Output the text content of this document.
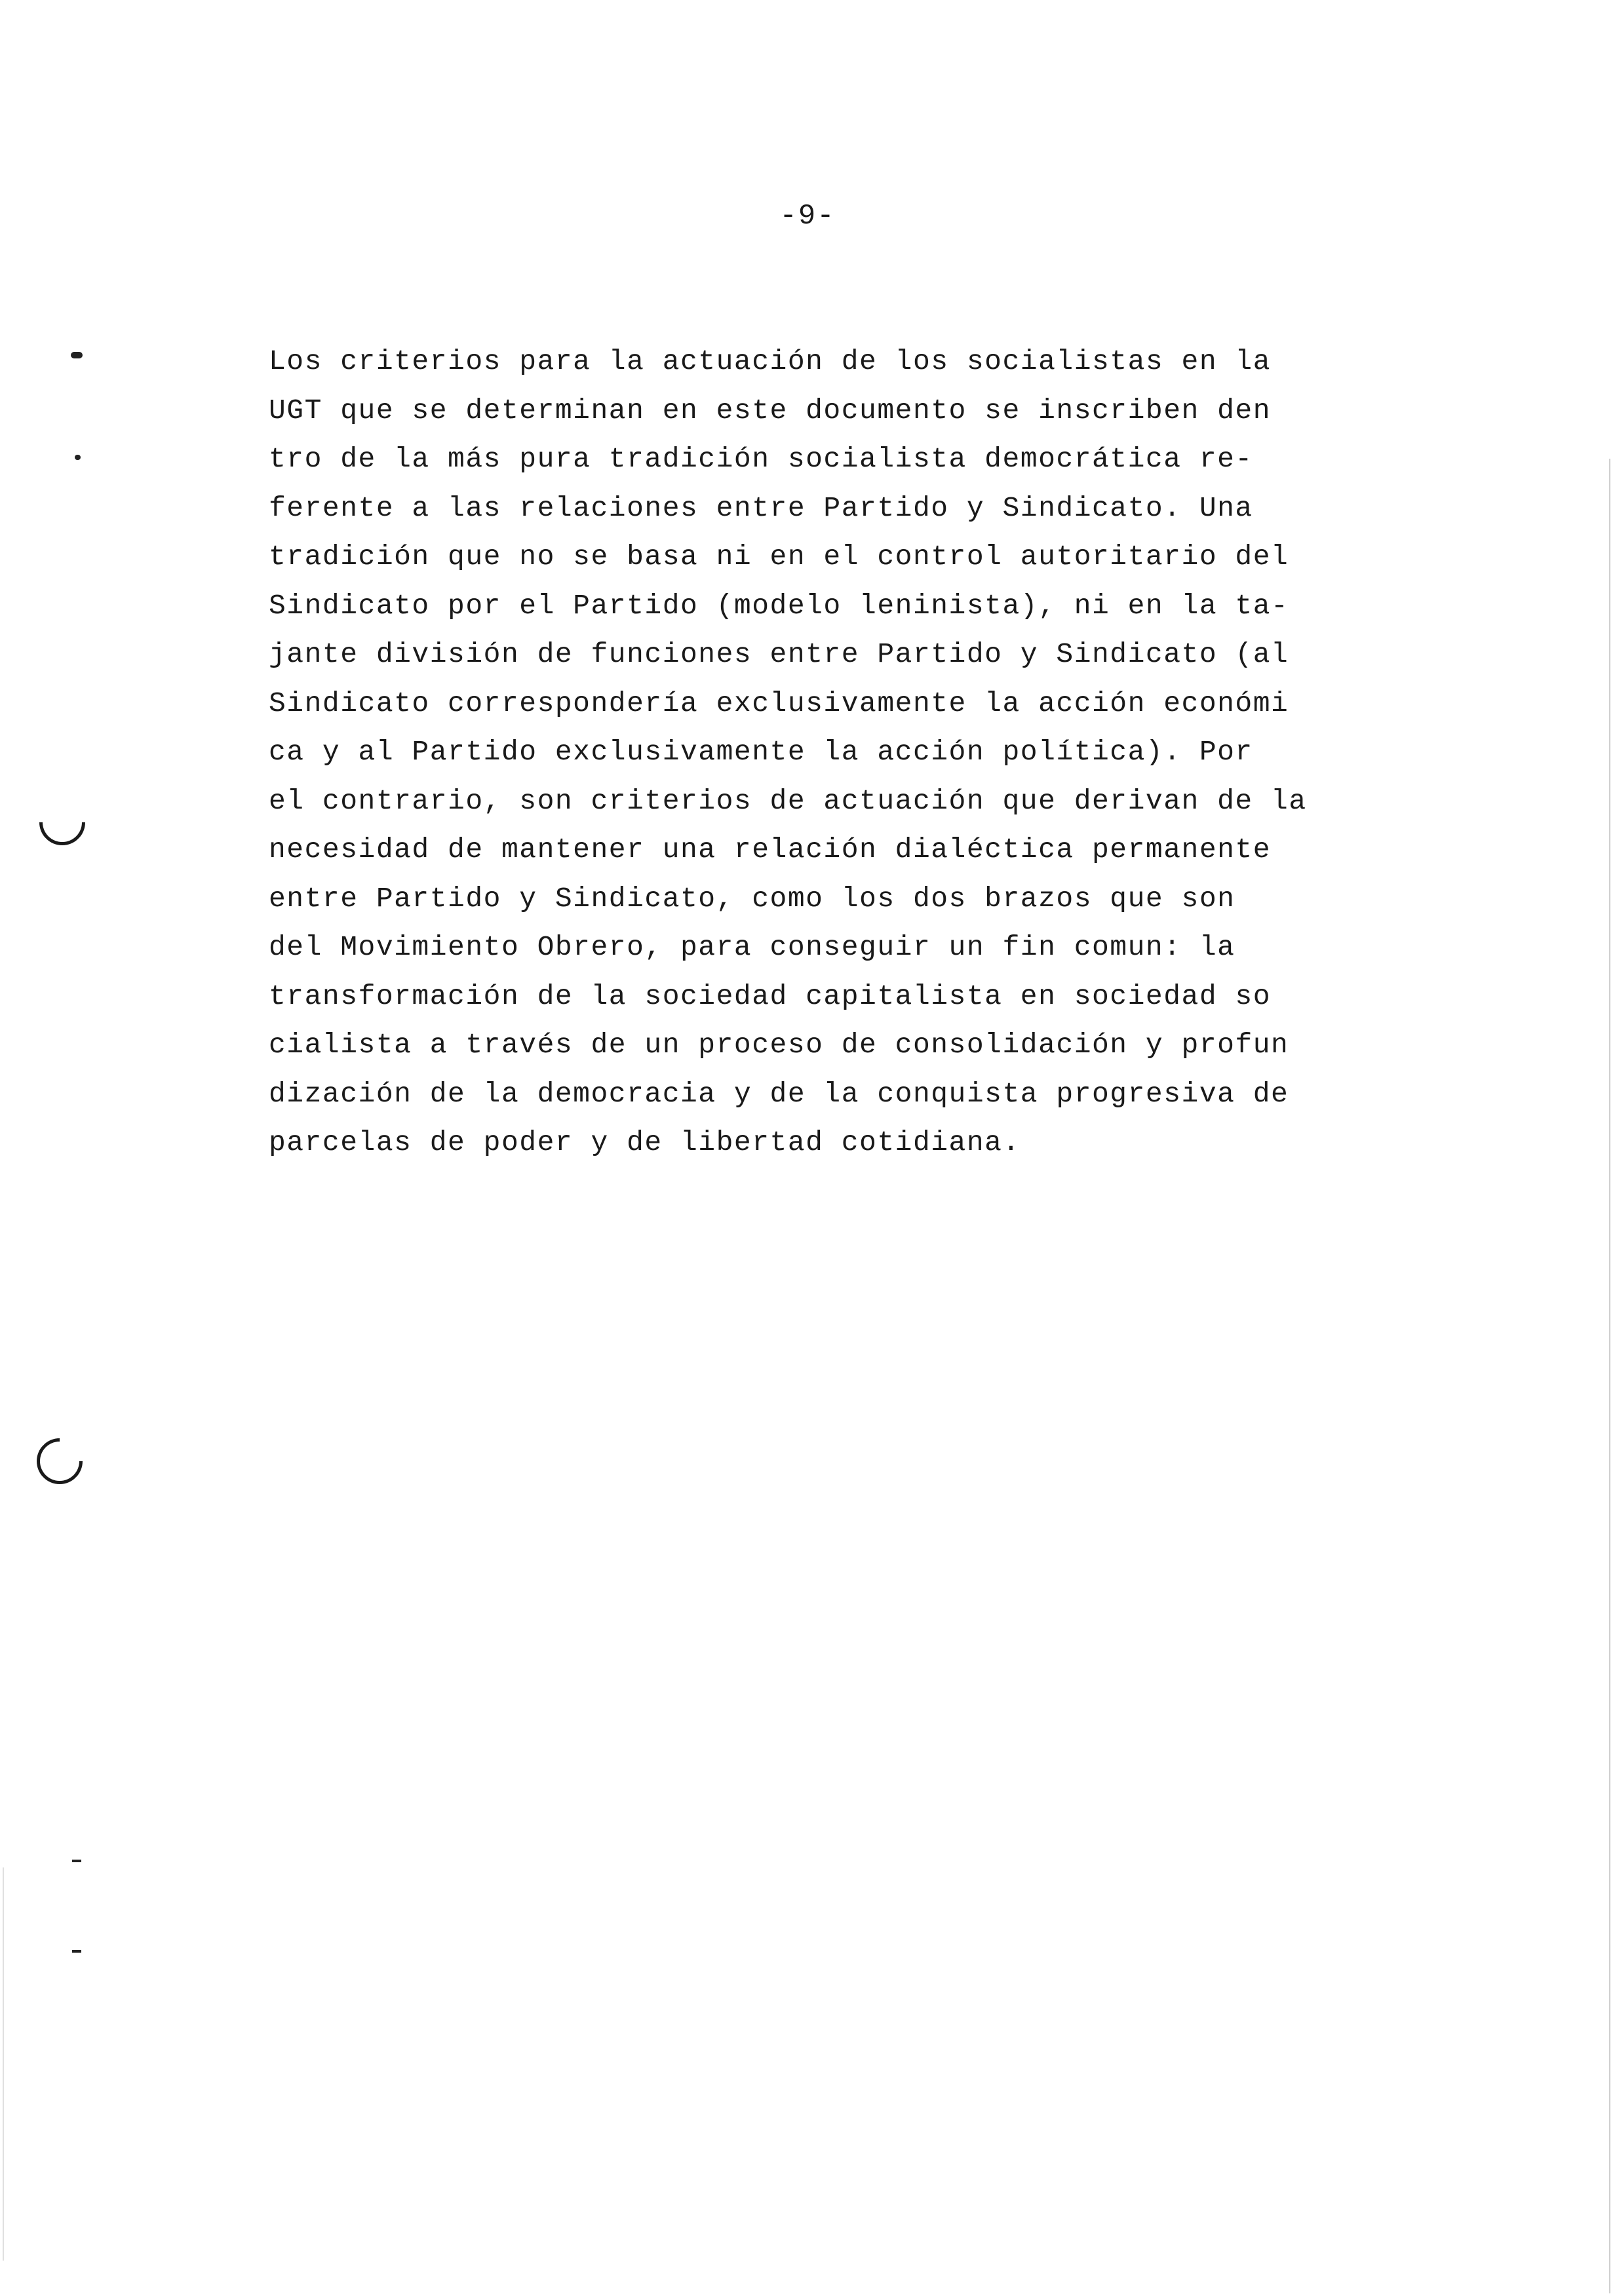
-9-
Los criterios para la actuación de los socialistas en la
UGT que se determinan en este documento se inscriben den
tro de la más pura tradición socialista democrática re-
ferente a las relaciones entre Partido y Sindicato. Una
tradición que no se basa ni en el control autoritario del
Sindicato por el Partido (modelo leninista), ni en la ta-
jante división de funciones entre Partido y Sindicato (al
Sindicato correspondería exclusivamente la acción económi
ca y al Partido exclusivamente la acción política). Por
el contrario, son criterios de actuación que derivan de la
necesidad de mantener una relación dialéctica permanente
entre Partido y Sindicato, como los dos brazos que son
del Movimiento Obrero, para conseguir un fin comun: la
transformación de la sociedad capitalista en sociedad so
cialista a través de un proceso de consolidación y profun
dización de la democracia y de la conquista progresiva de
parcelas de poder y de libertad cotidiana.
